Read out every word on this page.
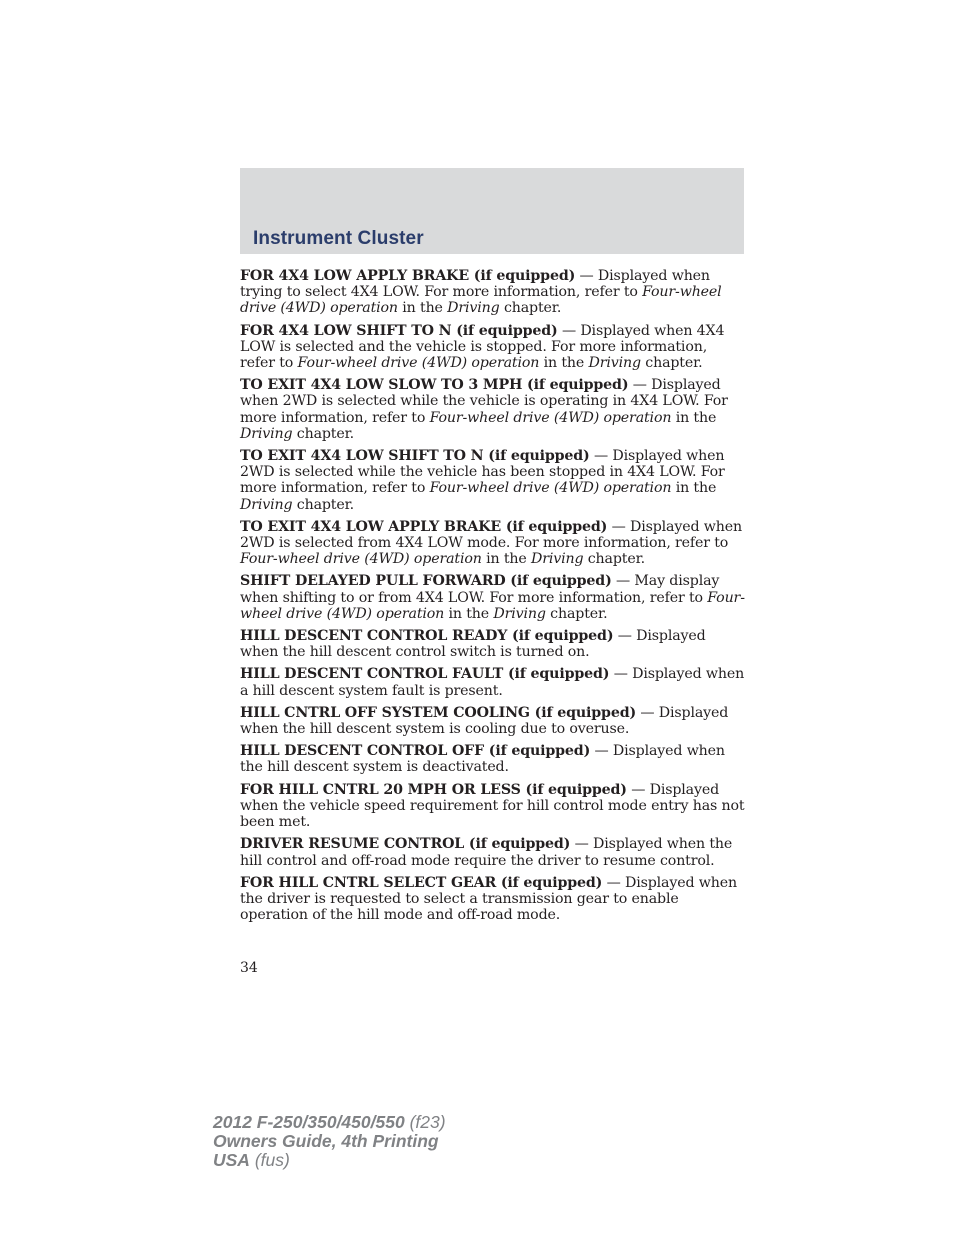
Instrument Cluster

FOR 4X4 LOW APPLY BRAKE (if equipped) — Displayed when trying to select 4X4 LOW. For more information, refer to Four-wheel drive (4WD) operation in the Driving chapter.

FOR 4X4 LOW SHIFT TO N (if equipped) — Displayed when 4X4 LOW is selected and the vehicle is stopped. For more information, refer to Four-wheel drive (4WD) operation in the Driving chapter.

TO EXIT 4X4 LOW SLOW TO 3 MPH (if equipped) — Displayed when 2WD is selected while the vehicle is operating in 4X4 LOW. For more information, refer to Four-wheel drive (4WD) operation in the Driving chapter.

TO EXIT 4X4 LOW SHIFT TO N (if equipped) — Displayed when 2WD is selected while the vehicle has been stopped in 4X4 LOW. For more information, refer to Four-wheel drive (4WD) operation in the Driving chapter.

TO EXIT 4X4 LOW APPLY BRAKE (if equipped) — Displayed when 2WD is selected from 4X4 LOW mode. For more information, refer to Four-wheel drive (4WD) operation in the Driving chapter.

SHIFT DELAYED PULL FORWARD (if equipped) — May display when shifting to or from 4X4 LOW. For more information, refer to Four-wheel drive (4WD) operation in the Driving chapter.

HILL DESCENT CONTROL READY (if equipped) — Displayed when the hill descent control switch is turned on.

HILL DESCENT CONTROL FAULT (if equipped) — Displayed when a hill descent system fault is present.

HILL CNTRL OFF SYSTEM COOLING (if equipped) — Displayed when the hill descent system is cooling due to overuse.

HILL DESCENT CONTROL OFF (if equipped) — Displayed when the hill descent system is deactivated.

FOR HILL CNTRL 20 MPH OR LESS (if equipped) — Displayed when the vehicle speed requirement for hill control mode entry has not been met.

DRIVER RESUME CONTROL (if equipped) — Displayed when the hill control and off-road mode require the driver to resume control.

FOR HILL CNTRL SELECT GEAR (if equipped) — Displayed when the driver is requested to select a transmission gear to enable operation of the hill mode and off-road mode.

34
2012 F-250/350/450/550 (f23)
Owners Guide, 4th Printing
USA (fus)
